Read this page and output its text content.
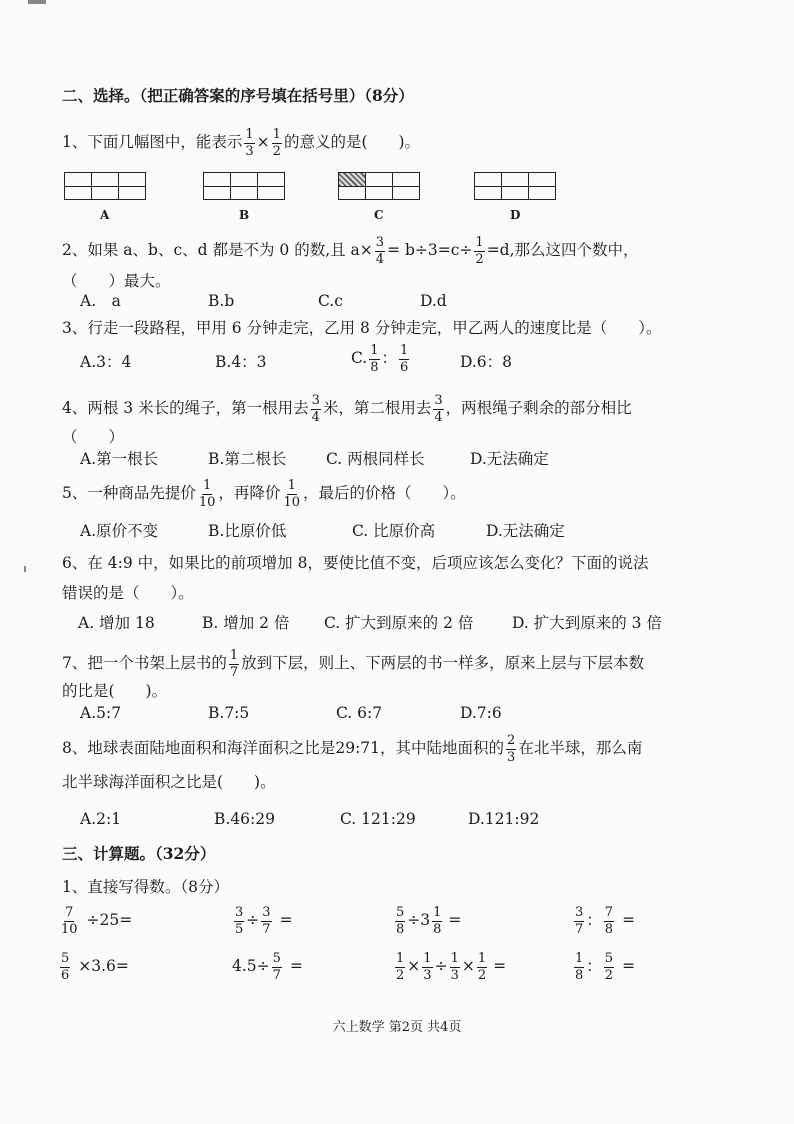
二、选择。（把正确答案的序号填在括号里）（8分）
1、下面几幅图中，能表示 $\frac{1}{3} \times \frac{1}{2}$ 的意义的是(　　)。
A	B	C	D
2、如果 a、b、c、d 都是不为 0 的数,且 $a\times \frac{3}{4} = b\div 3=c\div \frac{1}{2} =d$,那么这四个数中，
（　　）最大。
A.　a	B.b	C.c	D.d
3、行走一段路程，甲用 6 分钟走完，乙用 8 分钟走完，甲乙两人的速度比是（　　）。
A.3：4	B.4：3	C. $\frac{1}{8}$ ： $\frac{1}{6}$	D.6：8
4、两根 3 米长的绳子，第一根用去 $\frac{3}{4}$ 米，第二根用去 $\frac{3}{4}$ ，两根绳子剩余的部分相比
（　　）
A.第一根长	B.第二根长	C. 两根同样长	D.无法确定
5、一种商品先提价 $\frac{1}{10}$ ，再降价 $\frac{1}{10}$ ，最后的价格（　　）。
A.原价不变	B.比原价低	C. 比原价高	D.无法确定
6、在 4:9 中，如果比的前项增加 8，要使比值不变，后项应该怎么变化？下面的说法
错误的是（　　）。
A. 增加 18	B. 增加 2 倍 C. 扩大到原来的 2 倍 D. 扩大到原来的 3 倍
7、把一个书架上层书的 $\frac{1}{7}$ 放到下层，则上、下两层的书一样多，原来上层与下层本数
的比是(　　)。
A.5:7	B.7:5	C. 6:7	D.7:6
8、地球表面陆地面积和海洋面积之比是29:71，其中陆地面积的 $\frac{2}{3}$ 在北半球，那么南
北半球海洋面积之比是(　　)。
A.2:1	B.46:29	C. 121:29	D.121:92
三、计算题。（32分）
1、直接写得数。（8分）
$\frac{7}{10} \div 25=$	$\frac{3}{5} \div \frac{3}{7}$ =	$\frac{5}{8} \div 3 \frac{1}{8}$ =	$\frac{3}{7}$ ： $\frac{7}{8}$ =
$\frac{5}{6} \times 3.6=$	$4.5\div \frac{5}{7}$ =	$\frac{1}{2} \times \frac{1}{3} \div \frac{1}{3} \times \frac{1}{2}$ =	$\frac{1}{8}$ ： $\frac{5}{2}$ =
六上数学 第2页 共4页
